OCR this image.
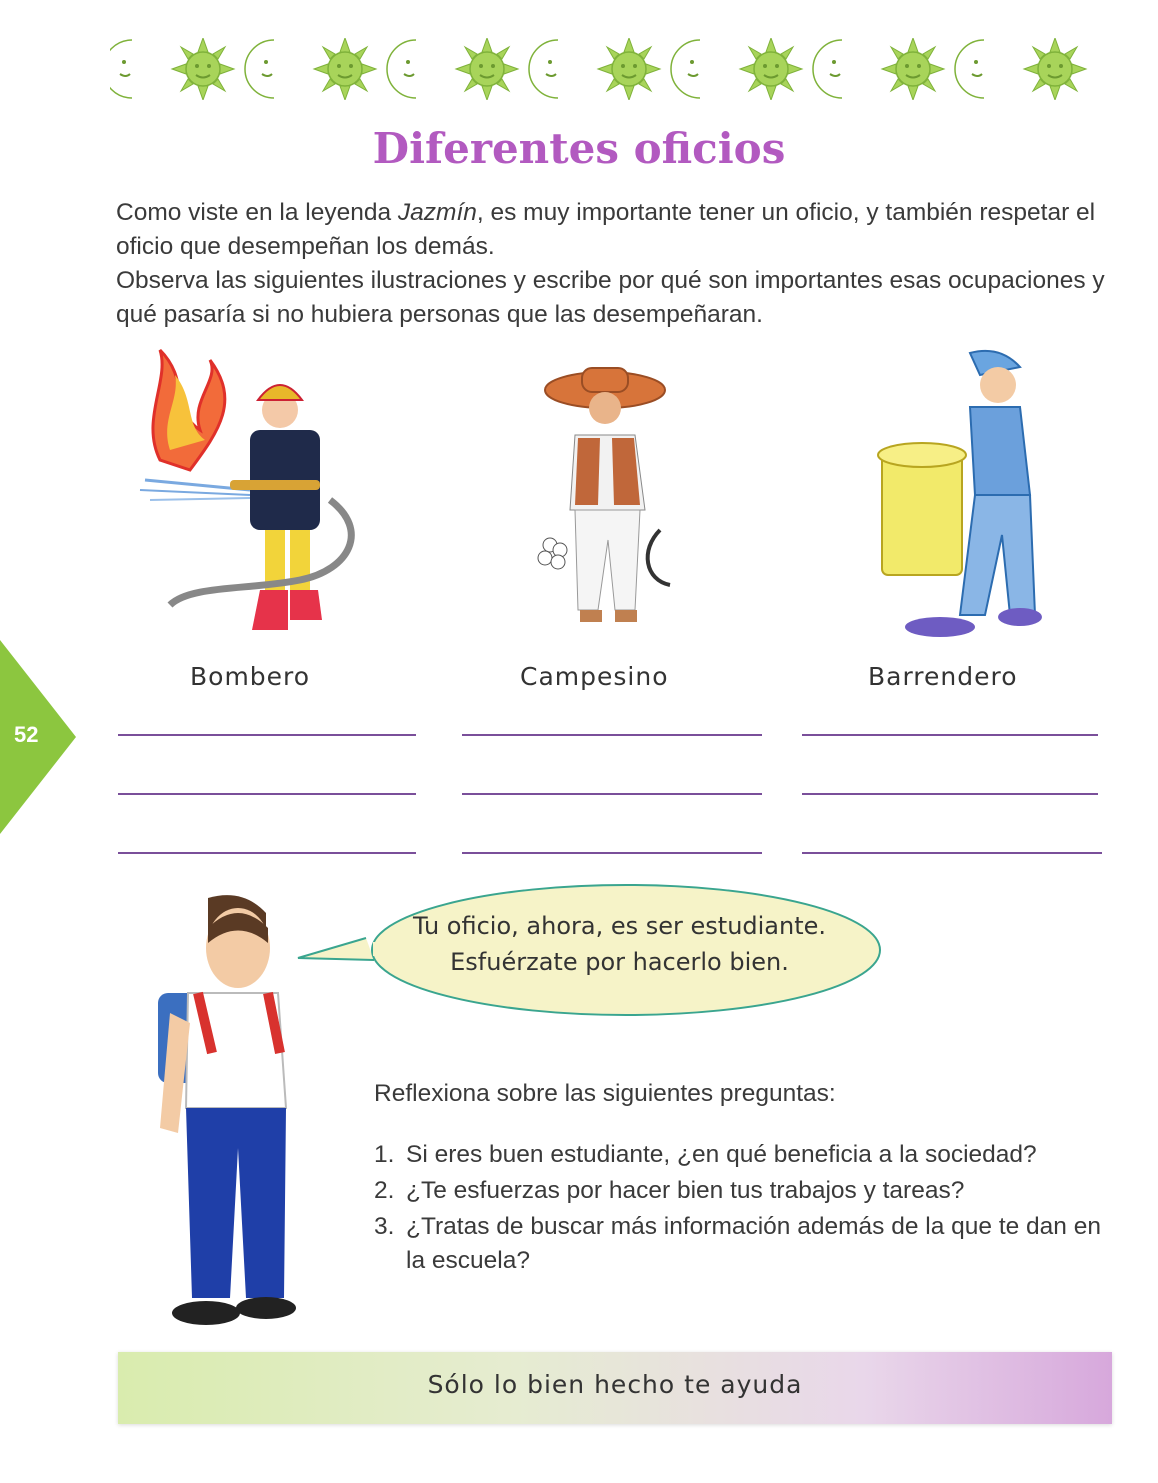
Diferentes oficios

Como viste en la leyenda Jazmín, es muy importante tener un oficio, y también respetar el oficio que desempeñan los demás.

Observa las siguientes ilustraciones y escribe por qué son importantes esas ocupaciones y qué pasaría si no hubiera personas que las desempeñaran.

Bombero	Campesino	Barrendero
52
Tu oficio, ahora, es ser estudiante.
Esfuérzate por hacerlo bien.

Reflexiona sobre las siguientes preguntas:

1. Si eres buen estudiante, ¿en qué beneficia a la sociedad?
2. ¿Te esfuerzas por hacer bien tus trabajos y tareas?
3. ¿Tratas de buscar más información además de la que te dan en la escuela?
Sólo lo bien hecho te ayuda
